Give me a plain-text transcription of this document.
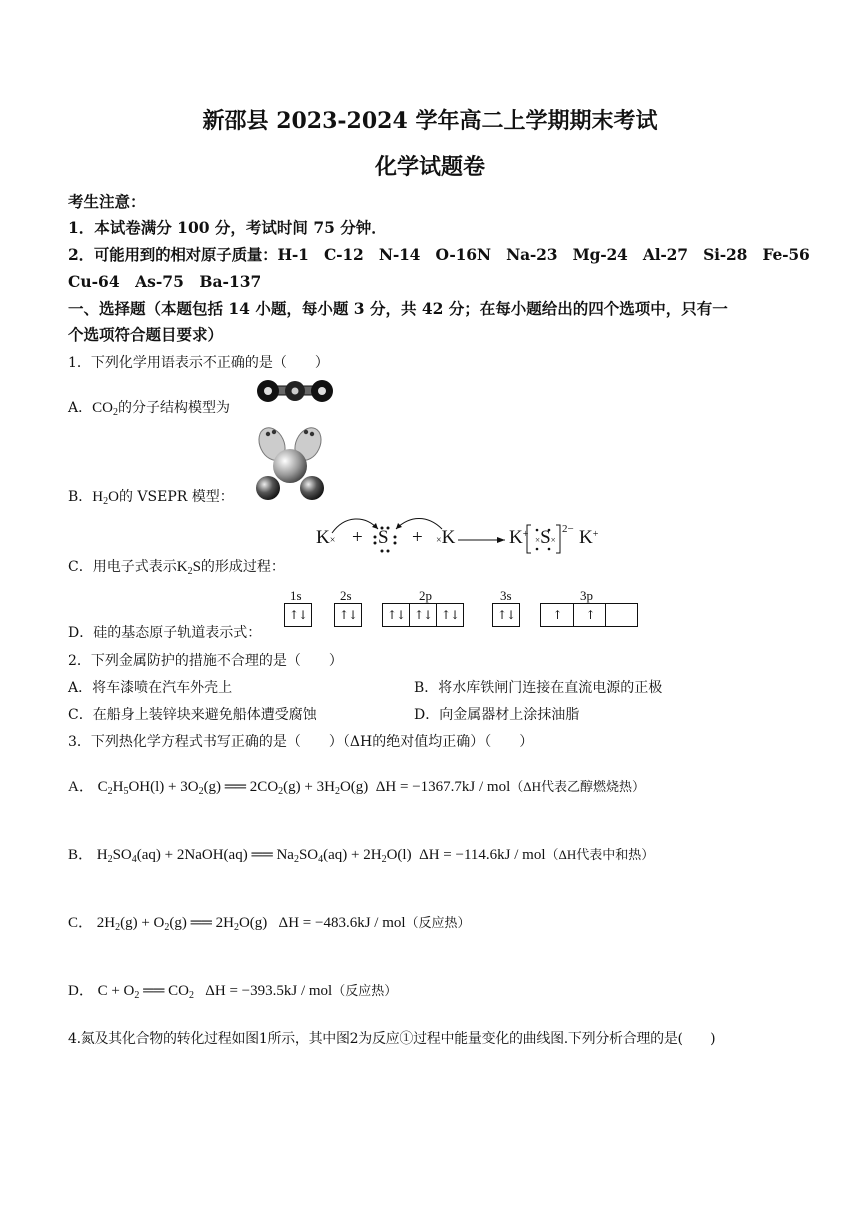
新邵县 2023-2024 学年高二上学期期末考试
化学试题卷
考生注意：
1．本试卷满分 100 分，考试时间 75 分钟．
2．可能用到的相对原子质量：H-1　C-12　N-14　O-16N　Na-23　Mg-24　Al-27　Si-28　Fe-56
Cu-64　As-75　Ba-137
一、选择题（本题包括 14 小题，每小题 3 分，共 42 分；在每小题给出的四个选项中，只有一
个选项符合题目要求）
1．下列化学用语表示不正确的是（　　）
A．$CO_2$的分子结构模型为
B．$H_2O$的 VSEPR 模型：
K× + S + ×K	K+ ×S×
2− K+
C．用电子式表示$K_2S$的形成过程：
D．硅的基态原子轨道表示式：
1s	2s	2p	3s	3p
↑↓	↑↓	↑↓ ↑↓ ↑↓	↑↓	↑	↑
2．下列金属防护的措施不合理的是（　　）
A．将车漆喷在汽车外壳上	B．将水库铁闸门连接在直流电源的正极
C．在船身上装锌块来避免船体遭受腐蚀	D．向金属器材上涂抹油脂
3．下列热化学方程式书写正确的是（　　）（ΔH的绝对值均正确）（　　）
A． $C_2H_5OH(l) + 3O_2(g)$ ══ $2CO_2(g) + 3H_2O(g) \Delta H = -1367.7kJ / mol(\Delta H$代表乙醇燃烧热）
B． $H_2SO_4(aq)$ + 2NaOH(aq) ══ $Na_2SO_4(aq) + 2H_2O(l) \Delta H = -114.6kJ / mol(\Delta H$代表中和热）
C． $2H_2(g) + O_2(g)$ ══ $2H_2O(g) \Delta H = -483.6kJ / mol$（反应热）
D． $C + O_2$ ══ $CO_2$ ΔH = −393.5kJ / mol（反应热）
4.氮及其化合物的转化过程如图1所示，其中图2为反应①过程中能量变化的曲线图.下列分析合理的是(　　)
